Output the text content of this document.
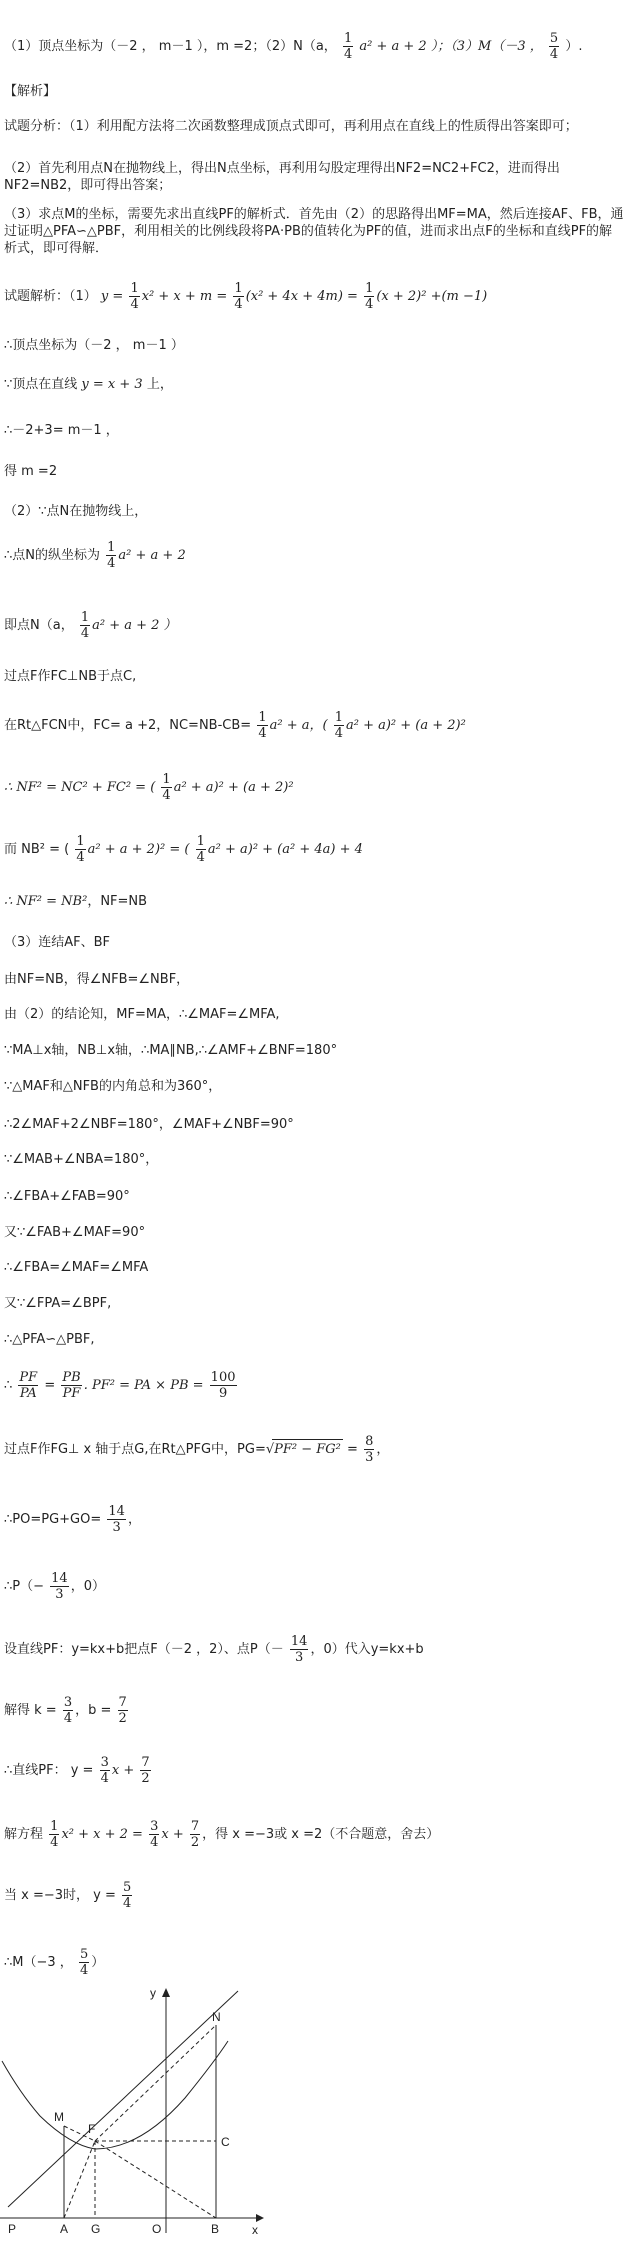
（1）顶点坐标为（－2 ， m－1 ），m =2；（2）N（a， $\frac{1}{4} a^2 + a + 2$ ）；（3）M（－3 ， $\frac{5}{4}$ ）.
【解析】
试题分析：（1）利用配方法将二次函数整理成顶点式即可，再利用点在直线上的性质得出答案即可；
（2）首先利用点N在抛物线上，得出N点坐标，再利用勾股定理得出NF2=NC2+FC2，进而得出NF2=NB2，即可得出答案；
（3）求点M的坐标，需要先求出直线PF的解析式．首先由（2）的思路得出MF=MA，然后连接AF、FB，通过证明△PFA∽△PBF，利用相关的比例线段将PA·PB的值转化为PF的值，进而求出点F的坐标和直线PF的解析式，即可得解．
试题解析：（1） $y = \frac{1}{4} x^2 + x + m = \frac{1}{4} (x^2 + 4x + 4m) = \frac{1}{4} (x + 2)^2 +(m -1)$
∴顶点坐标为（－2 ， m－1 ）
∵顶点在直线 y = x + 3 上，
∴－2+3= m－1 ，
得 m =2
（2）∵点N在抛物线上，
∴点N的纵坐标为 $\frac{1}{4} a^2 + a + 2$
即点N（a， $\frac{1}{4} a^2 + a + 2$ ）
过点F作FC⊥NB于点C,
在Rt△FCN中，FC= a +2，$NC=NB-CB= \frac{1}{4} a^2 + a$，( $\frac{1}{4} a^2 + a)^2 + (a + 2)^2$
∴ NF² = NC² + FC² = ( $\frac{1}{4} a^2 + a)^2 + (a + 2)^2$
而 NB² = ( $\frac{1}{4} a^2 + a + 2)^2$ = ( $\frac{1}{4} a^2 + a)^2 + (a^2 + 4a) + 4$
∴ NF² = NB²，NF=NB
（3）连结AF、BF
由NF=NB，得∠NFB=∠NBF，
由（2）的结论知，MF=MA，∴∠MAF=∠MFA,
∵MA⊥x轴，NB⊥x轴，∴MA∥NB,∴∠AMF+∠BNF=180°
∵△MAF和△NFB的内角总和为360°，
∴2∠MAF+2∠NBF=180°，∠MAF+∠NBF=90°
∵∠MAB+∠NBA=180°，
∴∠FBA+∠FAB=90°
又∵∠FAB+∠MAF=90°
∴∠FBA=∠MAF=∠MFA
又∵∠FPA=∠BPF,
∴△PFA∽△PBF,
∴ $\frac{PF}{PA} = \frac{PB}{PF}$ . PF² = PA × PB = $\frac{100}{9}$
过点F作FG⊥ x 轴于点G,在Rt△PFG中，$PG=√PF^2 - FG^2 = \frac{8}{3}$ ，
∴PO=PG+GO= $\frac{14}{3}$ ，
∴P（− $\frac{14}{3}$ ，0）
设直线PF：y=kx+b把点F（－2 ，2）、点$P(- \frac{14}{3}$ ，0）代入y=kx+b
解得 $k = \frac{3}{4}$ ，$b = \frac{7}{2}$
∴直线PF： $y = \frac{3}{4}$ $x + \frac{7}{2}$
解方程 $\frac{1}{4} x^2 + x + 2 = \frac{3}{4}$ $x + \frac{7}{2}$ ，得 x =−3或 x =2（不合题意，舍去）
当 x =−3时， $y = \frac{5}{4}$
∴M（−3 ， $\frac{5}{4}$ ）
y
N
M
F
C
P	A G	O	B	x
